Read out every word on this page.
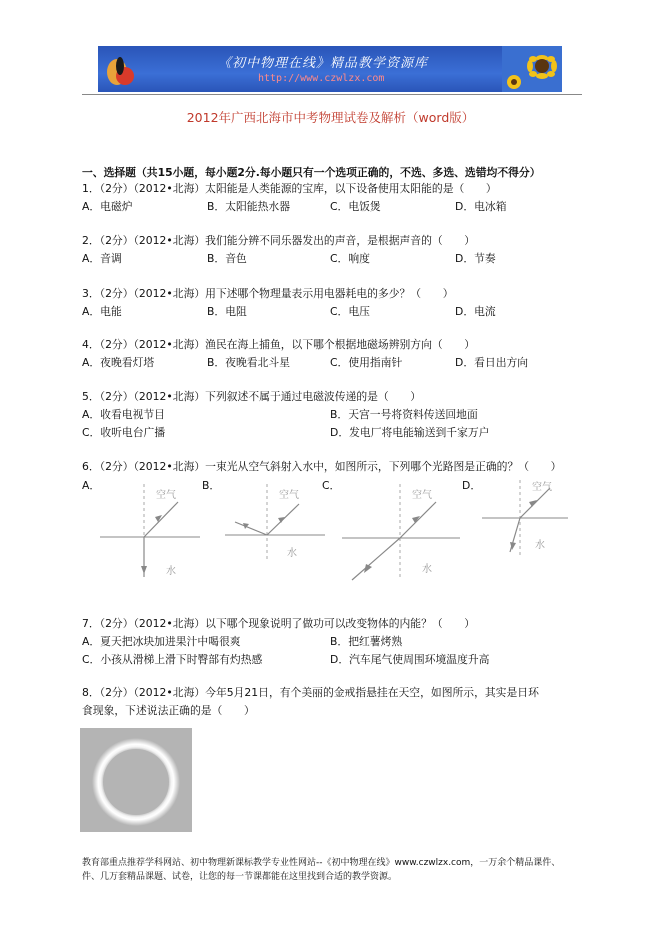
《初中物理在线》精品教学资源库
http://www.czwlzx.com
2012年广西北海市中考物理试卷及解析（word版）
一、选择题（共15小题，每小题2分.每小题只有一个选项正确的，不选、多选、选错均不得分）
1．（2分）（2012•北海）太阳能是人类能源的宝库，以下设备使用太阳能的是（　　）
A．电磁炉	B．太阳能热水器	C．电饭煲	D．电冰箱
2．（2分）（2012•北海）我们能分辨不同乐器发出的声音，是根据声音的（　　）
A．音调	B．音色	C．响度	D．节奏
3．（2分）（2012•北海）用下述哪个物理量表示用电器耗电的多少？（　　）
A．电能	B．电阻	C．电压	D．电流
4．（2分）（2012•北海）渔民在海上捕鱼，以下哪个根据地磁场辨别方向（　　）
A．夜晚看灯塔	B．夜晚看北斗星	C．使用指南针	D．看日出方向
5．（2分）（2012•北海）下列叙述不属于通过电磁波传递的是（　　）
A．收看电视节目	B．天宫一号将资料传送回地面
C．收听电台广播	D．发电厂将电能输送到千家万户
6．（2分）（2012•北海）一束光从空气斜射入水中，如图所示，下列哪个光路图是正确的？（　　）
A．	B．	C．	D．
空气
水
空气
水
空气
水
空气
水
7．（2分）（2012•北海）以下哪个现象说明了做功可以改变物体的内能？（　　）
A．夏天把冰块加进果汁中喝很爽	B．把红薯烤熟
C．小孩从滑梯上滑下时臀部有灼热感	D．汽车尾气使周围环境温度升高
8．（2分）（2012•北海）今年5月21日，有个美丽的金戒指悬挂在天空，如图所示，其实是日环
食现象，下述说法正确的是（　　）
教育部重点推荐学科网站、初中物理新课标教学专业性网站--《初中物理在线》www.czwlzx.com，一万余个精品课件、
件、几万套精品课题、试卷，让您的每一节课都能在这里找到合适的教学资源。
